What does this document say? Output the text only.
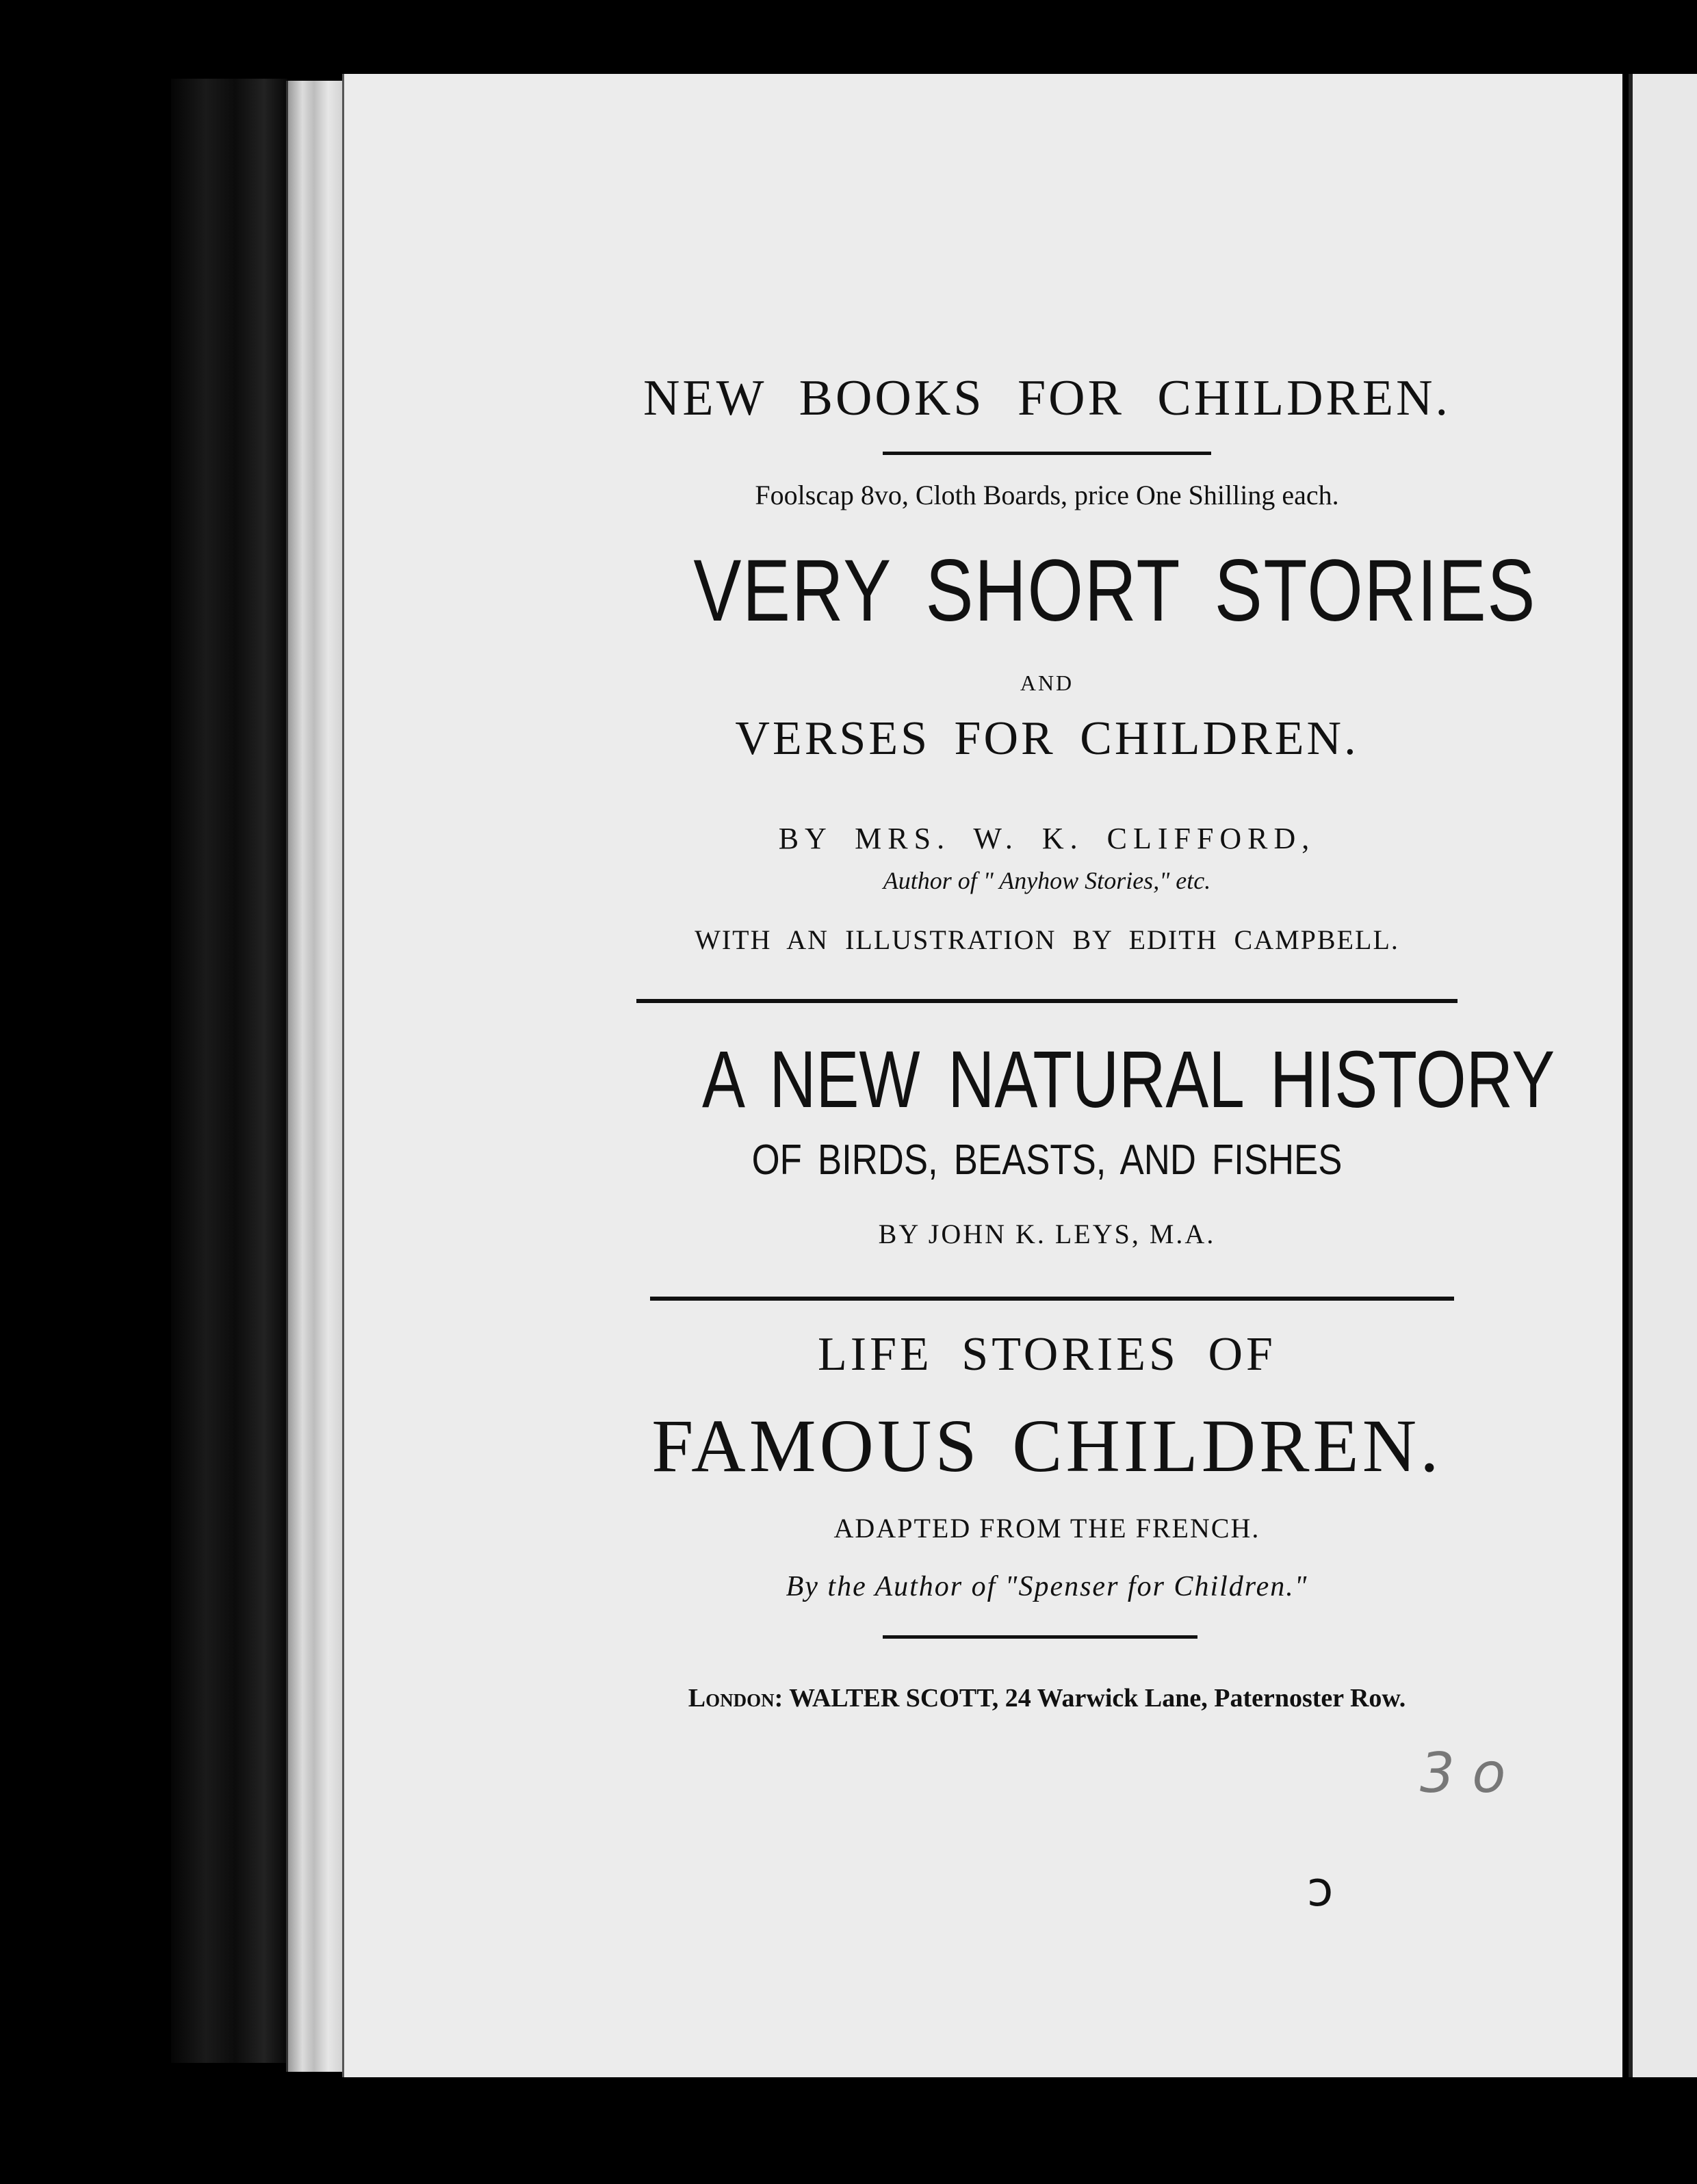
NEW BOOKS FOR CHILDREN.
Foolscap 8vo, Cloth Boards, price One Shilling each.
VERY SHORT STORIES
AND
VERSES FOR CHILDREN.
BY MRS. W. K. CLIFFORD,
Author of " Anyhow Stories," etc.
WITH AN ILLUSTRATION BY EDITH CAMPBELL.
A NEW NATURAL HISTORY
OF BIRDS, BEASTS, AND FISHES
BY JOHN K. LEYS, M.A.
LIFE STORIES OF
FAMOUS CHILDREN.
ADAPTED FROM THE FRENCH.
By the Author of "Spenser for Children."
London: WALTER SCOTT, 24 Warwick Lane, Paternoster Row.
3 o
ↄ
